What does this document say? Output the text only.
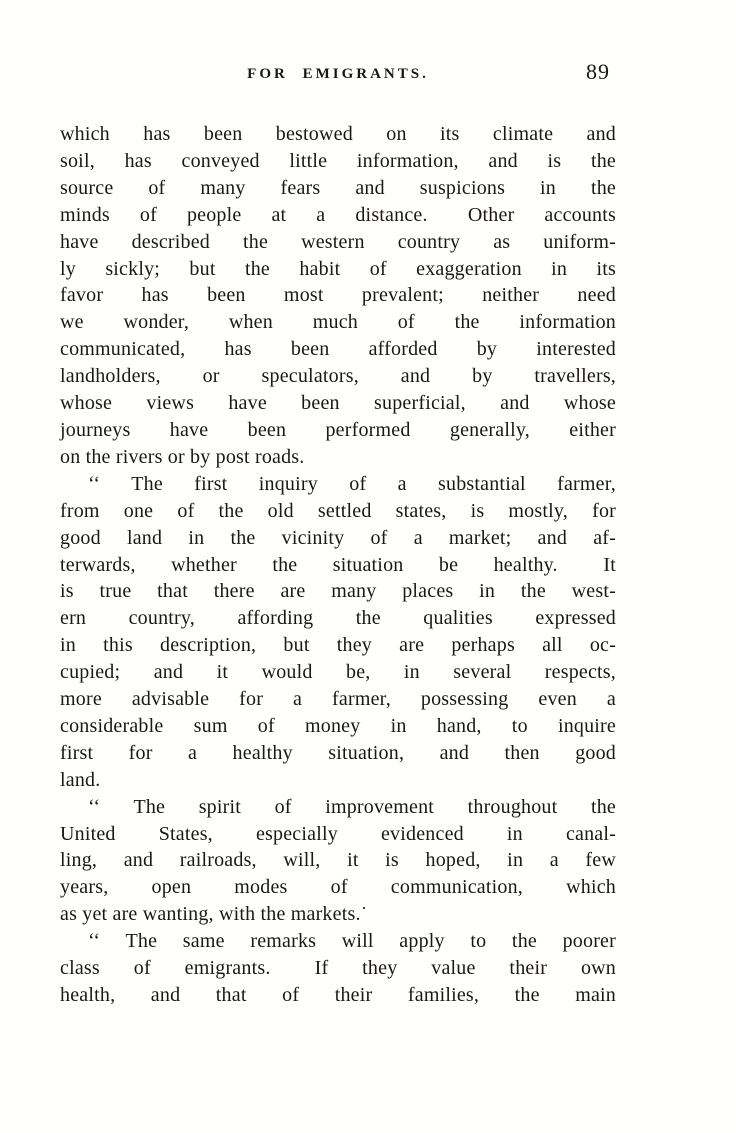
FOR EMIGRANTS.	89
which has been bestowed on its climate and
soil, has conveyed little information, and is the
source of many fears and suspicions in the
minds of people at a distance.  Other accounts
have described the western country as uniform-
ly sickly; but the habit of exaggeration in its
favor has been most prevalent; neither need
we wonder, when much of the information
communicated, has been afforded by interested
landholders, or speculators, and by travellers,
whose views have been superficial, and whose
journeys have been performed generally, either
on the rivers or by post roads.
‘‘ The first inquiry of a substantial farmer,
from one of the old settled states, is mostly, for
good land in the vicinity of a market; and af-
terwards, whether the situation be healthy.  It
is true that there are many places in the west-
ern country, affording the qualities expressed
in this description, but they are perhaps all oc-
cupied; and it would be, in several respects,
more advisable for a farmer, possessing even a
considerable sum of money in hand, to inquire
first for a healthy situation, and then good
land.
‘‘ The spirit of improvement throughout the
United States, especially evidenced in canal-
ling, and railroads, will, it is hoped, in a few
years, open modes of communication, which
as yet are wanting, with the markets.˙
‘‘ The same remarks will apply to the poorer
class of emigrants.  If they value their own
health, and that of their families, the main
